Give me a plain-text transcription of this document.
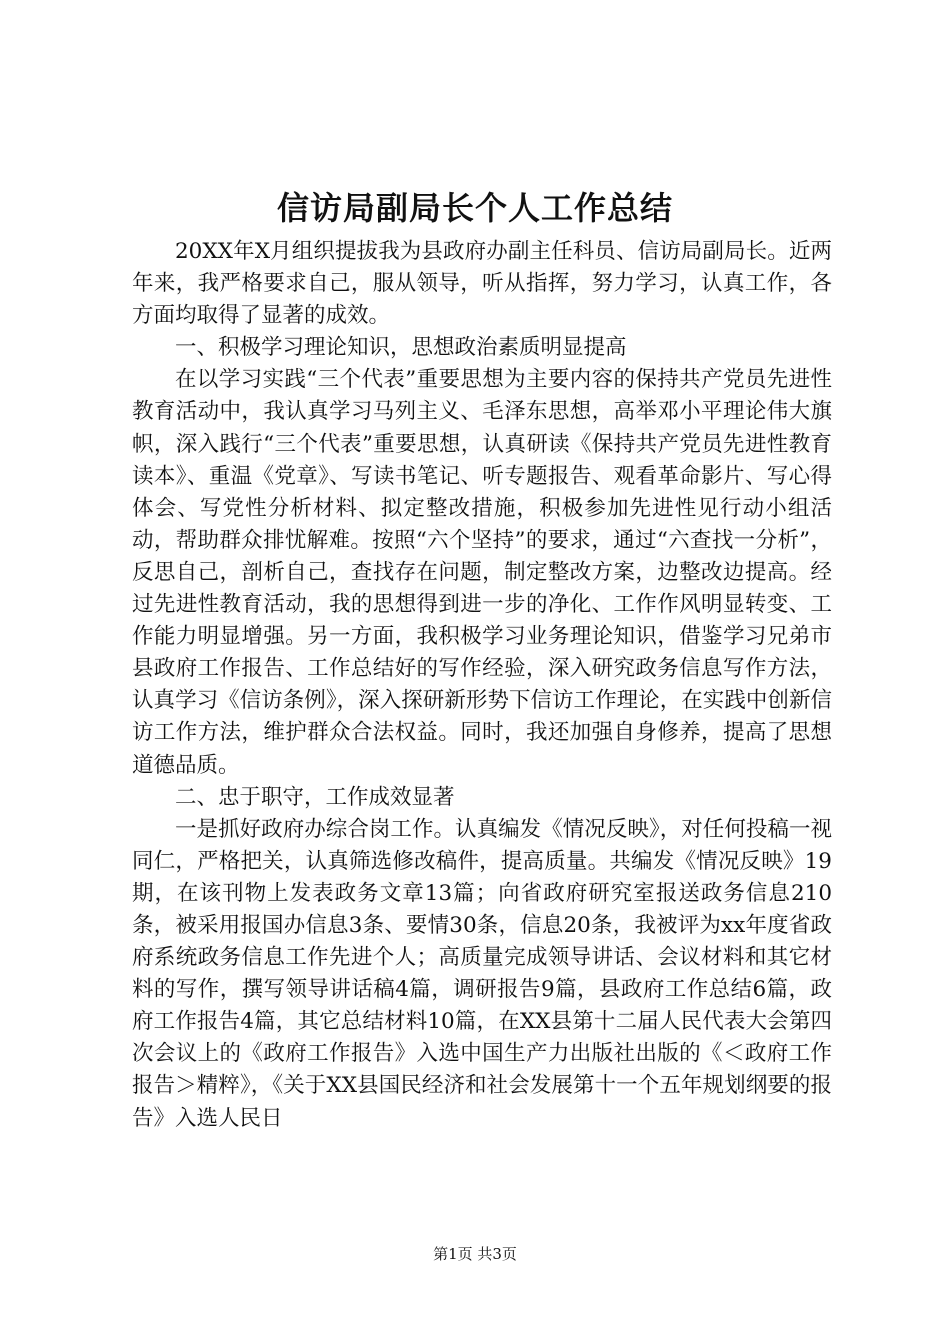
信访局副局长个人工作总结

20XX年X月组织提拔我为县政府办副主任科员、信访局副局长。近两年来，我严格要求自己，服从领导，听从指挥，努力学习，认真工作，各方面均取得了显著的成效。

一、积极学习理论知识，思想政治素质明显提高

在以学习实践“三个代表”重要思想为主要内容的保持共产党员先进性教育活动中，我认真学习马列主义、毛泽东思想，高举邓小平理论伟大旗帜，深入践行“三个代表”重要思想，认真研读《保持共产党员先进性教育读本》、重温《党章》、写读书笔记、听专题报告、观看革命影片、写心得体会、写党性分析材料、拟定整改措施，积极参加先进性见行动小组活动，帮助群众排忧解难。按照“六个坚持”的要求，通过“六查找一分析”，反思自己，剖析自己，查找存在问题，制定整改方案，边整改边提高。经过先进性教育活动，我的思想得到进一步的净化、工作作风明显转变、工作能力明显增强。另一方面，我积极学习业务理论知识，借鉴学习兄弟市县政府工作报告、工作总结好的写作经验，深入研究政务信息写作方法，认真学习《信访条例》，深入探研新形势下信访工作理论，在实践中创新信访工作方法，维护群众合法权益。同时，我还加强自身修养，提高了思想道德品质。

二、忠于职守，工作成效显著

一是抓好政府办综合岗工作。认真编发《情况反映》，对任何投稿一视同仁，严格把关，认真筛选修改稿件，提高质量。共编发《情况反映》19期，在该刊物上发表政务文章13篇；向省政府研究室报送政务信息210条，被采用报国办信息3条、要情30条，信息20条，我被评为xx年度省政府系统政务信息工作先进个人；高质量完成领导讲话、会议材料和其它材料的写作，撰写领导讲话稿4篇，调研报告9篇，县政府工作总结6篇，政府工作报告4篇，其它总结材料10篇，在XX县第十二届人民代表大会第四次会议上的《政府工作报告》入选中国生产力出版社出版的《＜政府工作报告＞精粹》，《关于XX县国民经济和社会发展第十一个五年规划纲要的报告》入选人民日

第1页 共3页
